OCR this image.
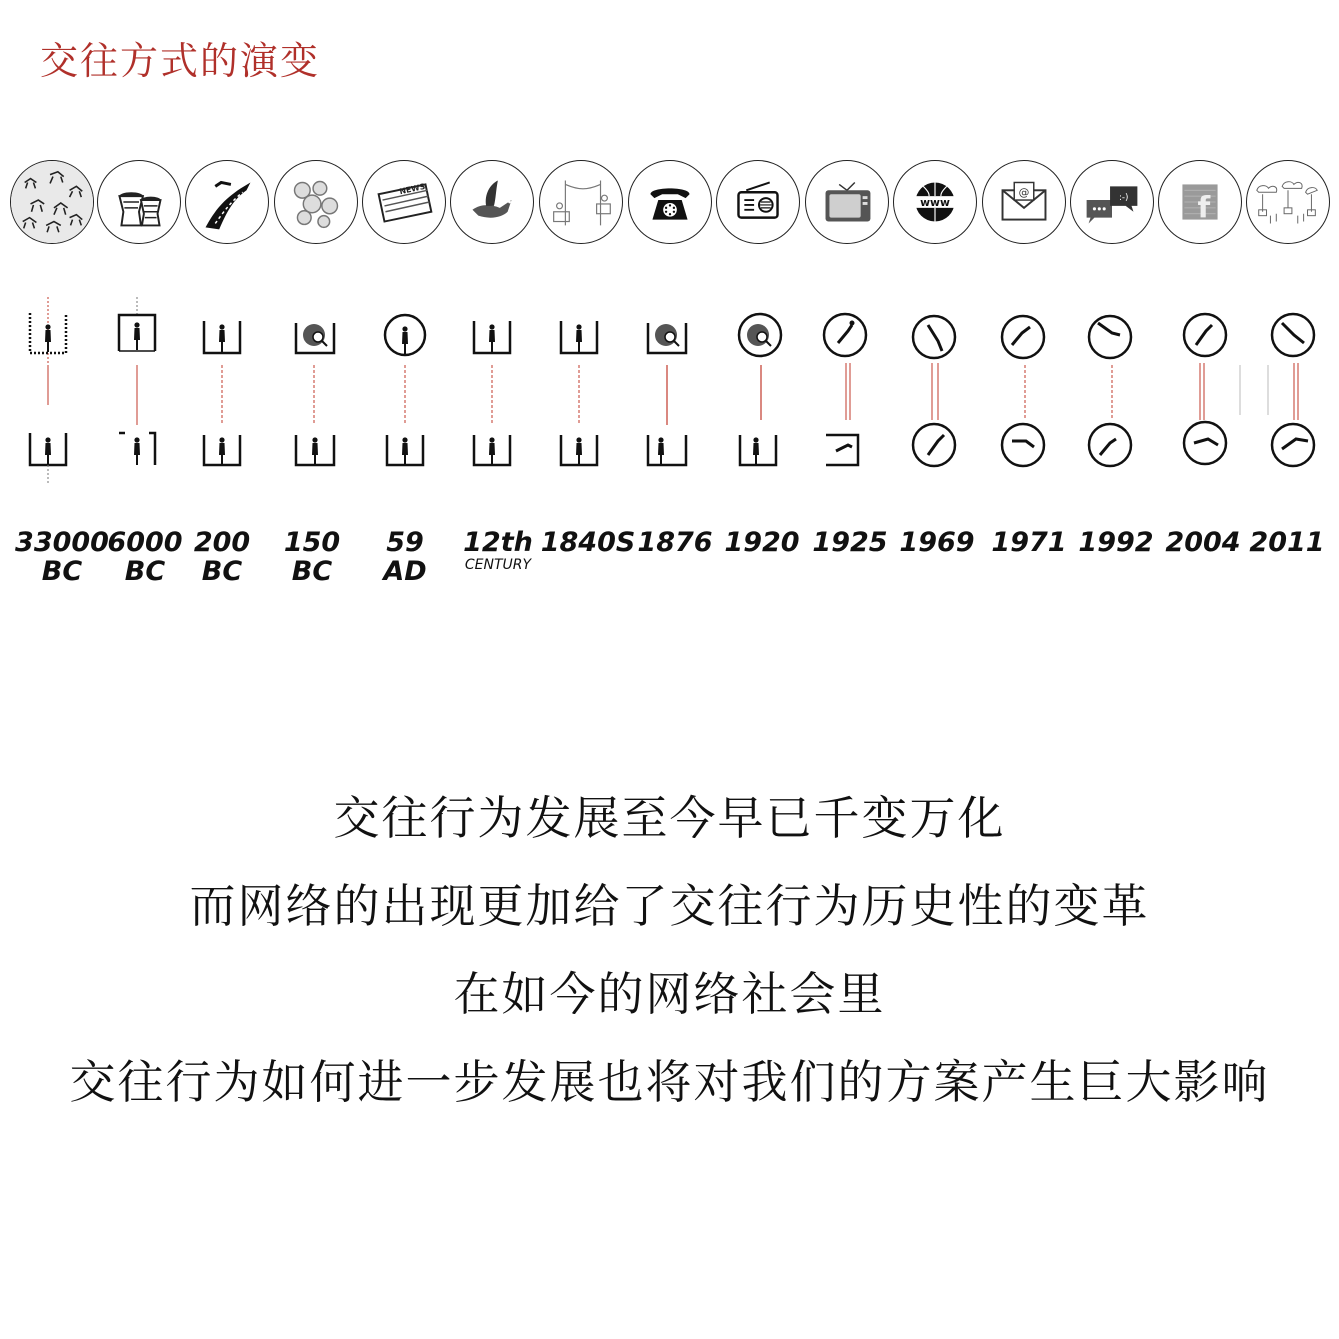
交往方式的演变
NEWS
www
@	:-) f
33000
BC
6000
BC
200
BC
150
BC
59
AD
12th
CENTURY
1840S 1876 1920 1925 1969 1971 1992 2004 2011
交往行为发展至今早已千变万化
而网络的出现更加给了交往行为历史性的变革
在如今的网络社会里
交往行为如何进一步发展也将对我们的方案产生巨大影响
